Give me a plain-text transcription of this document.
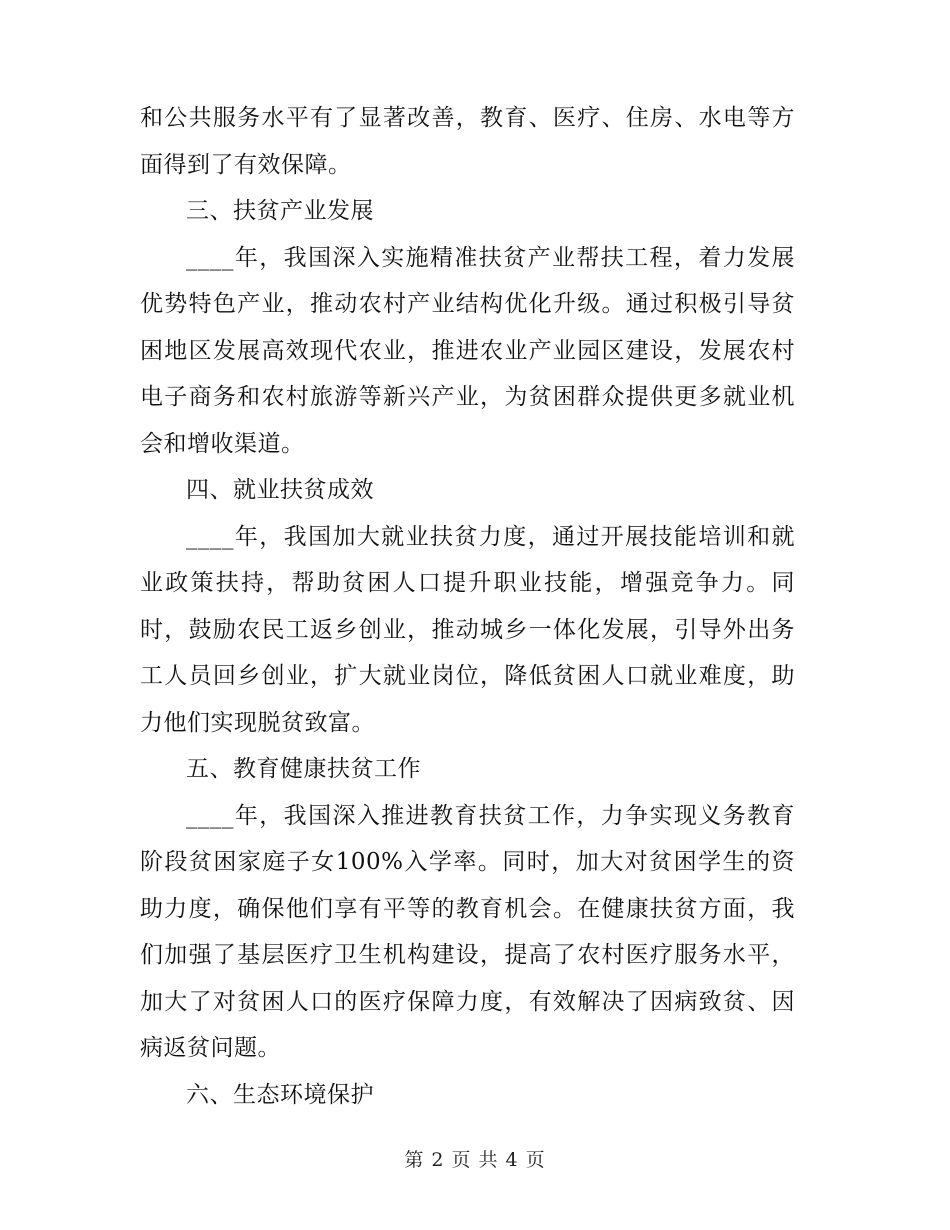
和公共服务水平有了显著改善，教育、医疗、住房、水电等方面得到了有效保障。

三、扶贫产业发展

____年，我国深入实施精准扶贫产业帮扶工程，着力发展优势特色产业，推动农村产业结构优化升级。通过积极引导贫困地区发展高效现代农业，推进农业产业园区建设，发展农村电子商务和农村旅游等新兴产业，为贫困群众提供更多就业机会和增收渠道。

四、就业扶贫成效

____年，我国加大就业扶贫力度，通过开展技能培训和就业政策扶持，帮助贫困人口提升职业技能，增强竞争力。同时，鼓励农民工返乡创业，推动城乡一体化发展，引导外出务工人员回乡创业，扩大就业岗位，降低贫困人口就业难度，助力他们实现脱贫致富。

五、教育健康扶贫工作

____年，我国深入推进教育扶贫工作，力争实现义务教育阶段贫困家庭子女100%入学率。同时，加大对贫困学生的资助力度，确保他们享有平等的教育机会。在健康扶贫方面，我们加强了基层医疗卫生机构建设，提高了农村医疗服务水平，加大了对贫困人口的医疗保障力度，有效解决了因病致贫、因病返贫问题。

六、生态环境保护

第 2 页 共 4 页
